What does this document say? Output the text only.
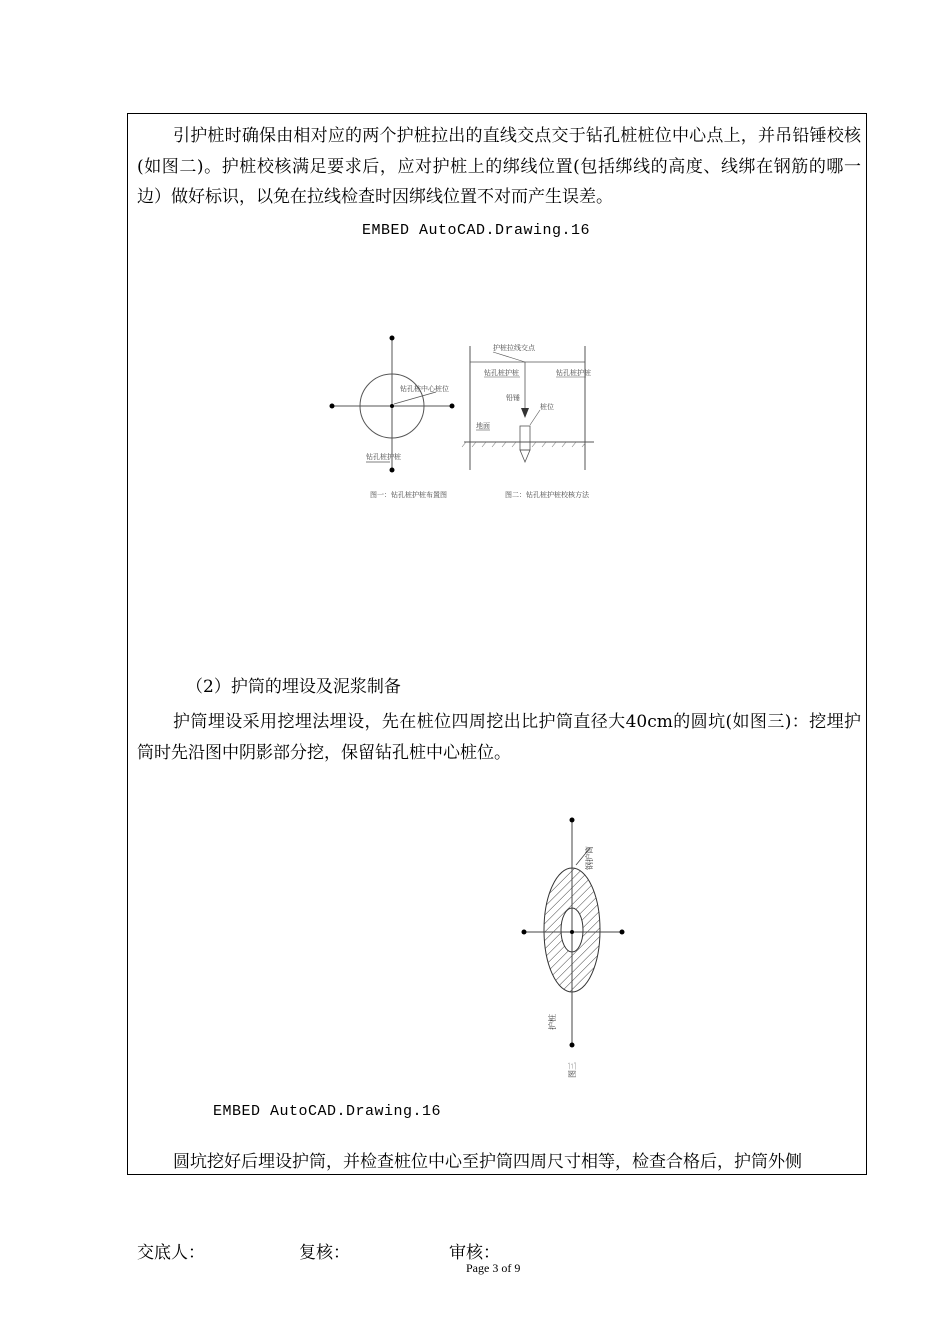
引护桩时确保由相对应的两个护桩拉出的直线交点交于钻孔桩桩位中心点上，并吊铅锤校核(如图二)。护桩校核满足要求后，应对护桩上的绑线位置(包括绑线的高度、线绑在钢筋的哪一边）做好标识，以免在拉线检查时因绑线位置不对而产生误差。
EMBED AutoCAD.Drawing.16
钻孔桩中心桩位
钻孔桩护桩
图一：钻孔桩护桩布置图
护桩拉线交点
钻孔桩护桩	钻孔桩护桩
铅锤
桩位
地面
图二：钻孔桩护桩校核方法
钢护筒
护桩
图三
（2）护筒的埋设及泥浆制备
护筒埋设采用挖埋法埋设，先在桩位四周挖出比护筒直径大40cm的圆坑(如图三)：挖埋护筒时先沿图中阴影部分挖，保留钻孔桩中心桩位。
EMBED AutoCAD.Drawing.16
圆坑挖好后埋设护筒，并检查桩位中心至护筒四周尺寸相等，检查合格后，护筒外侧
交底人：	复核：	审核：
Page 3 of 9
